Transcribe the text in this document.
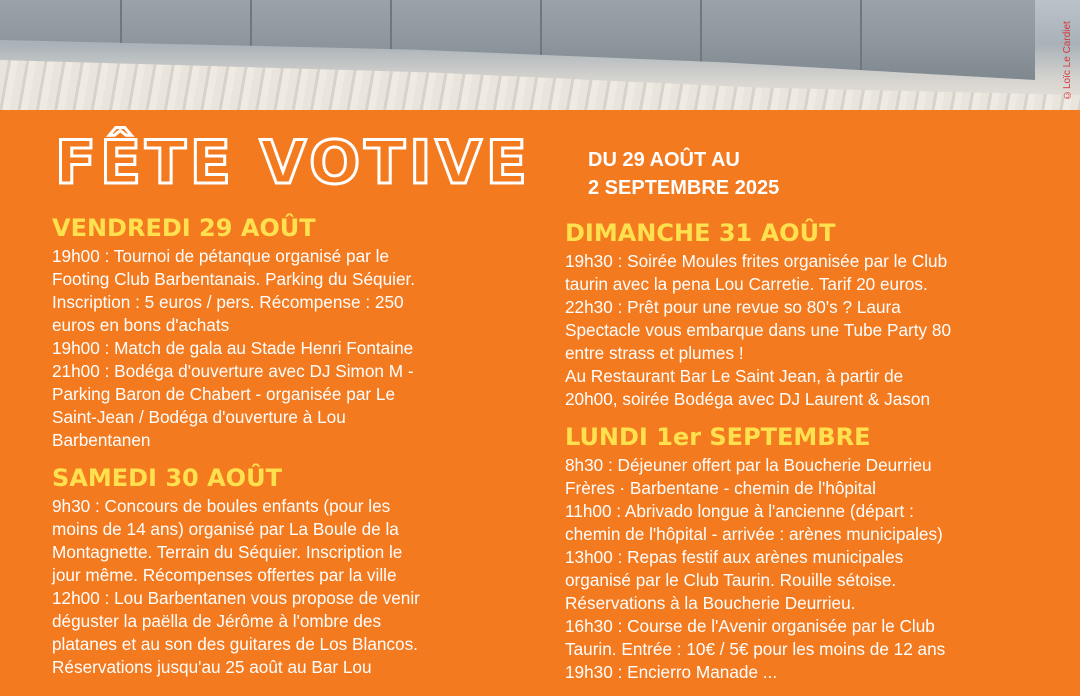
©Loïc Le Cardiet
FÊTE VOTIVE	DU 29 AOÛT AU
2 SEPTEMBRE 2025
VENDREDI 29 AOÛT

19h00 : Tournoi de pétanque organisé par le

Footing Club Barbentanais. Parking du Séquier.

Inscription : 5 euros / pers. Récompense : 250

euros en bons d'achats

19h00 : Match de gala au Stade Henri Fontaine

21h00 : Bodéga d'ouverture avec DJ Simon M -

Parking Baron de Chabert - organisée par Le

Saint-Jean / Bodéga d'ouverture à Lou

Barbentanen

SAMEDI 30 AOÛT

9h30 : Concours de boules enfants (pour les

moins de 14 ans) organisé par La Boule de la

Montagnette. Terrain du Séquier. Inscription le

jour même. Récompenses offertes par la ville

12h00 : Lou Barbentanen vous propose de venir

déguster la paëlla de Jérôme à l'ombre des

platanes et au son des guitares de Los Blancos.

Réservations jusqu'au 25 août au Bar Lou

DIMANCHE 31 AOÛT

19h30 : Soirée Moules frites organisée par le Club

taurin avec la pena Lou Carretie. Tarif 20 euros.

22h30 : Prêt pour une revue so 80's ? Laura

Spectacle vous embarque dans une Tube Party 80

entre strass et plumes !

Au Restaurant Bar Le Saint Jean, à partir de

20h00, soirée Bodéga avec DJ Laurent & Jason

LUNDI 1er SEPTEMBRE

8h30 : Déjeuner offert par la Boucherie Deurrieu

Frères · Barbentane - chemin de l'hôpital

11h00 : Abrivado longue à l'ancienne (départ :

chemin de l'hôpital - arrivée : arènes municipales)

13h00 : Repas festif aux arènes municipales

organisé par le Club Taurin. Rouille sétoise.

Réservations à la Boucherie Deurrieu.

16h30 : Course de l'Avenir organisée par le Club

Taurin. Entrée : 10€ / 5€ pour les moins de 12 ans

19h30 : Encierro Manade ...
